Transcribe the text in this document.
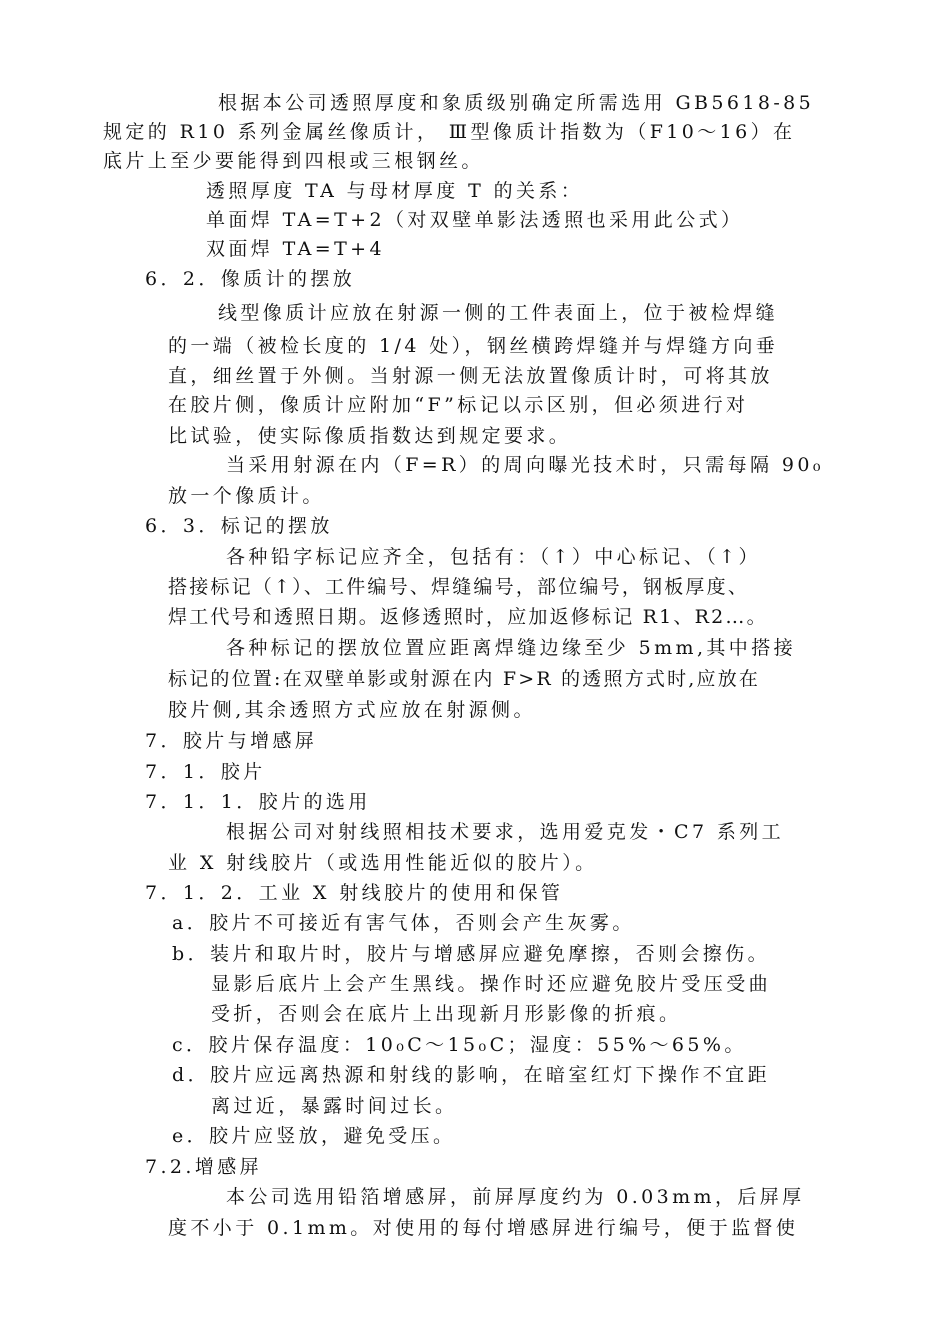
根据本公司透照厚度和象质级别确定所需选用 GB5618-85
规定的 R10 系列金属丝像质计， Ⅲ型像质计指数为（F10～16）在
底片上至少要能得到四根或三根钢丝。
透照厚度 TA 与母材厚度 T 的关系：
单面焊 TA=T+2（对双壁单影法透照也采用此公式）
双面焊 TA=T+4
6．2．像质计的摆放
线型像质计应放在射源一侧的工件表面上，位于被检焊缝
的一端（被检长度的 1/4 处），钢丝横跨焊缝并与焊缝方向垂
直，细丝置于外侧。当射源一侧无法放置像质计时，可将其放
在胶片侧，像质计应附加“F”标记以示区别，但必须进行对
比试验，使实际像质指数达到规定要求。
当采用射源在内（F=R）的周向曝光技术时，只需每隔 90₀
放一个像质计。
6．3．标记的摆放
各种铅字标记应齐全，包括有：（↑）中心标记、（↑）
搭接标记（↑）、工件编号、焊缝编号，部位编号，钢板厚度、
焊工代号和透照日期。返修透照时，应加返修标记 R1、R2…。
各种标记的摆放位置应距离焊缝边缘至少 5mm,其中搭接
标记的位置:在双壁单影或射源在内 F>R 的透照方式时,应放在
胶片侧,其余透照方式应放在射源侧。
7．胶片与增感屏
7．1．胶片
7．1．1．胶片的选用
根据公司对射线照相技术要求，选用爱克发・C7 系列工
业 X 射线胶片（或选用性能近似的胶片）。
7．1．2．工业 X 射线胶片的使用和保管
a．胶片不可接近有害气体，否则会产生灰雾。
b．装片和取片时，胶片与增感屏应避免摩擦，否则会擦伤。
显影后底片上会产生黑线。操作时还应避免胶片受压受曲
受折，否则会在底片上出现新月形影像的折痕。
c．胶片保存温度：10₀C～15₀C；湿度：55%～65%。
d．胶片应远离热源和射线的影响，在暗室红灯下操作不宜距
离过近，暴露时间过长。
e．胶片应竖放，避免受压。
7.2.增感屏
本公司选用铅箔增感屏，前屏厚度约为 0.03mm，后屏厚
度不小于 0.1mm。对使用的每付增感屏进行编号，便于监督使
